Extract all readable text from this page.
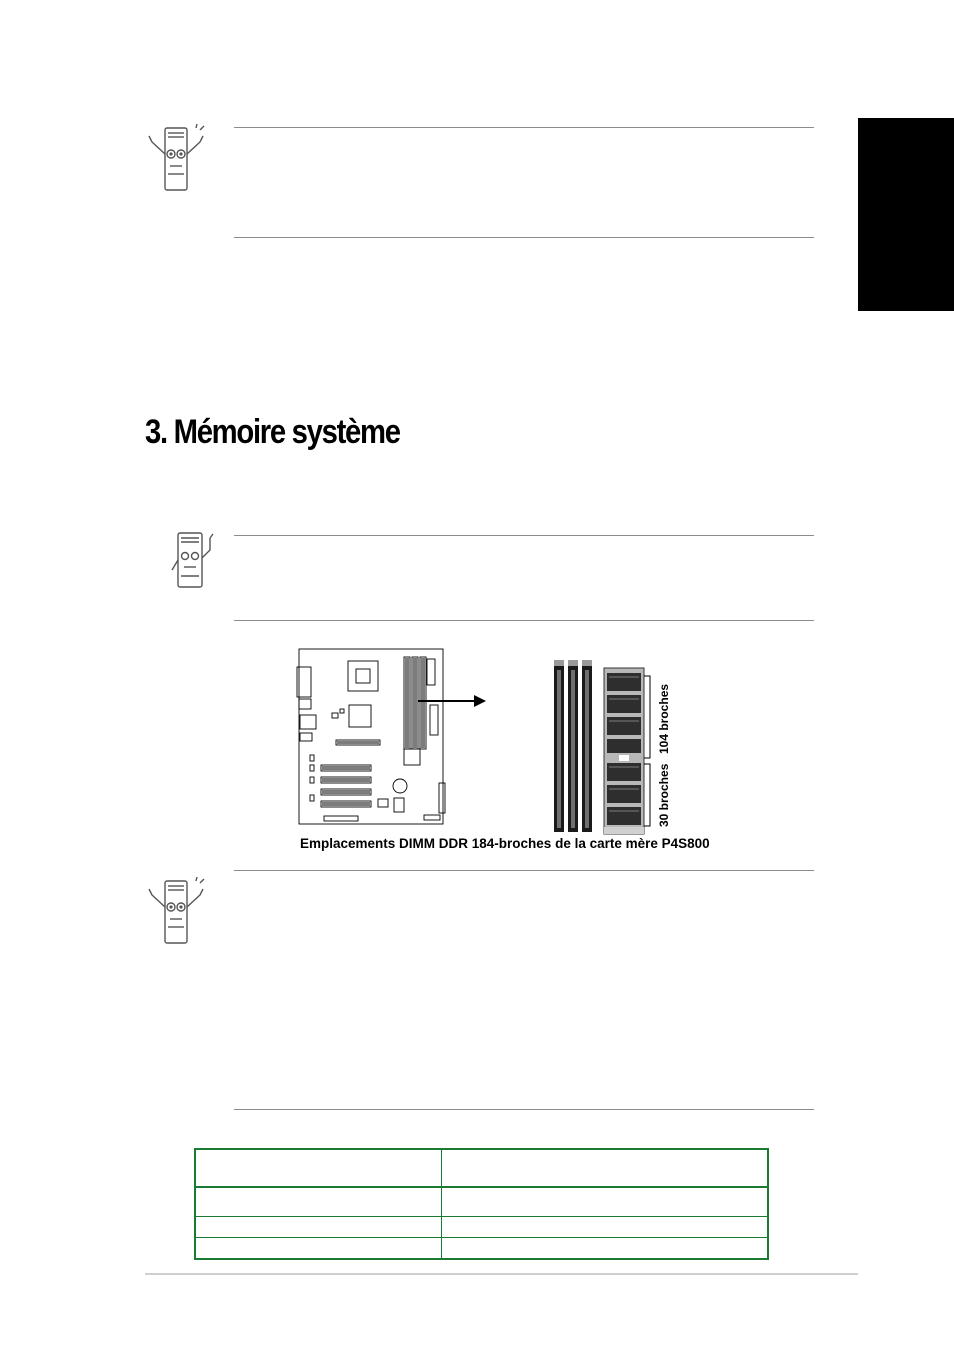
3. Mémoire système
104 broches
30 broches
Emplacements DIMM DDR 184-broches de la carte mère P4S800
